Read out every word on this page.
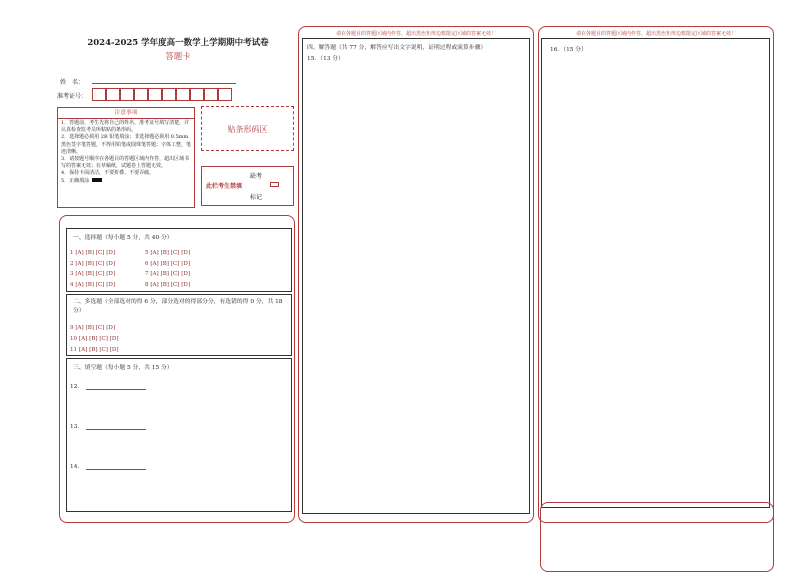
2024-2025 学年度高一数学上学期期中考试卷
答题卡
姓　名：
准考证号：
注意事项

1．答题前，考生先将自己的姓名，准考证号填写清楚，并认真检查监考员所粘贴的条形码。

2．选择题必须用 2B 铅笔填涂；非选择题必须用 0.5mm 黑色签字笔答题，不得用铅笔或圆珠笔答题；字体工整，笔迹清晰。

3．请按题号顺序在各题目的答题区域内作答，超出区域书写的答案无效；在草稿纸，试题卷上答题无效。

4．保持卡面清洁，不要折叠、不要弄破。

5．正确填涂

贴条形码区
缺考
此栏考生禁填
标记
一、选择题（每小题 5 分，共 40 分）
1 [A] [B] [C] [D]
2 [A] [B] [C] [D]
3 [A] [B] [C] [D]
4 [A] [B] [C] [D]
5 [A] [B] [C] [D]
6 [A] [B] [C] [D]
7 [A] [B] [C] [D]
8 [A] [B] [C] [D]
二、多选题（全部选对的得 6 分，部分选对的得部分分，有选错的得 0 分，共 18 分）
9 [A] [B] [C] [D]
10 [A] [B] [C] [D]
11 [A] [B] [C] [D]
三、填空题（每小题 5 分，共 15 分）
12．
13．
14．
请在各题目的答题区域内作答，超出黑色矩形边框限定区域的答案无效！
四、解答题（共 77 分，解答应写出文字说明，证明过程或演算步骤）
15．（13 分）
请在各题目的答题区域内作答，超出黑色矩形边框限定区域的答案无效！
16．（15 分）
